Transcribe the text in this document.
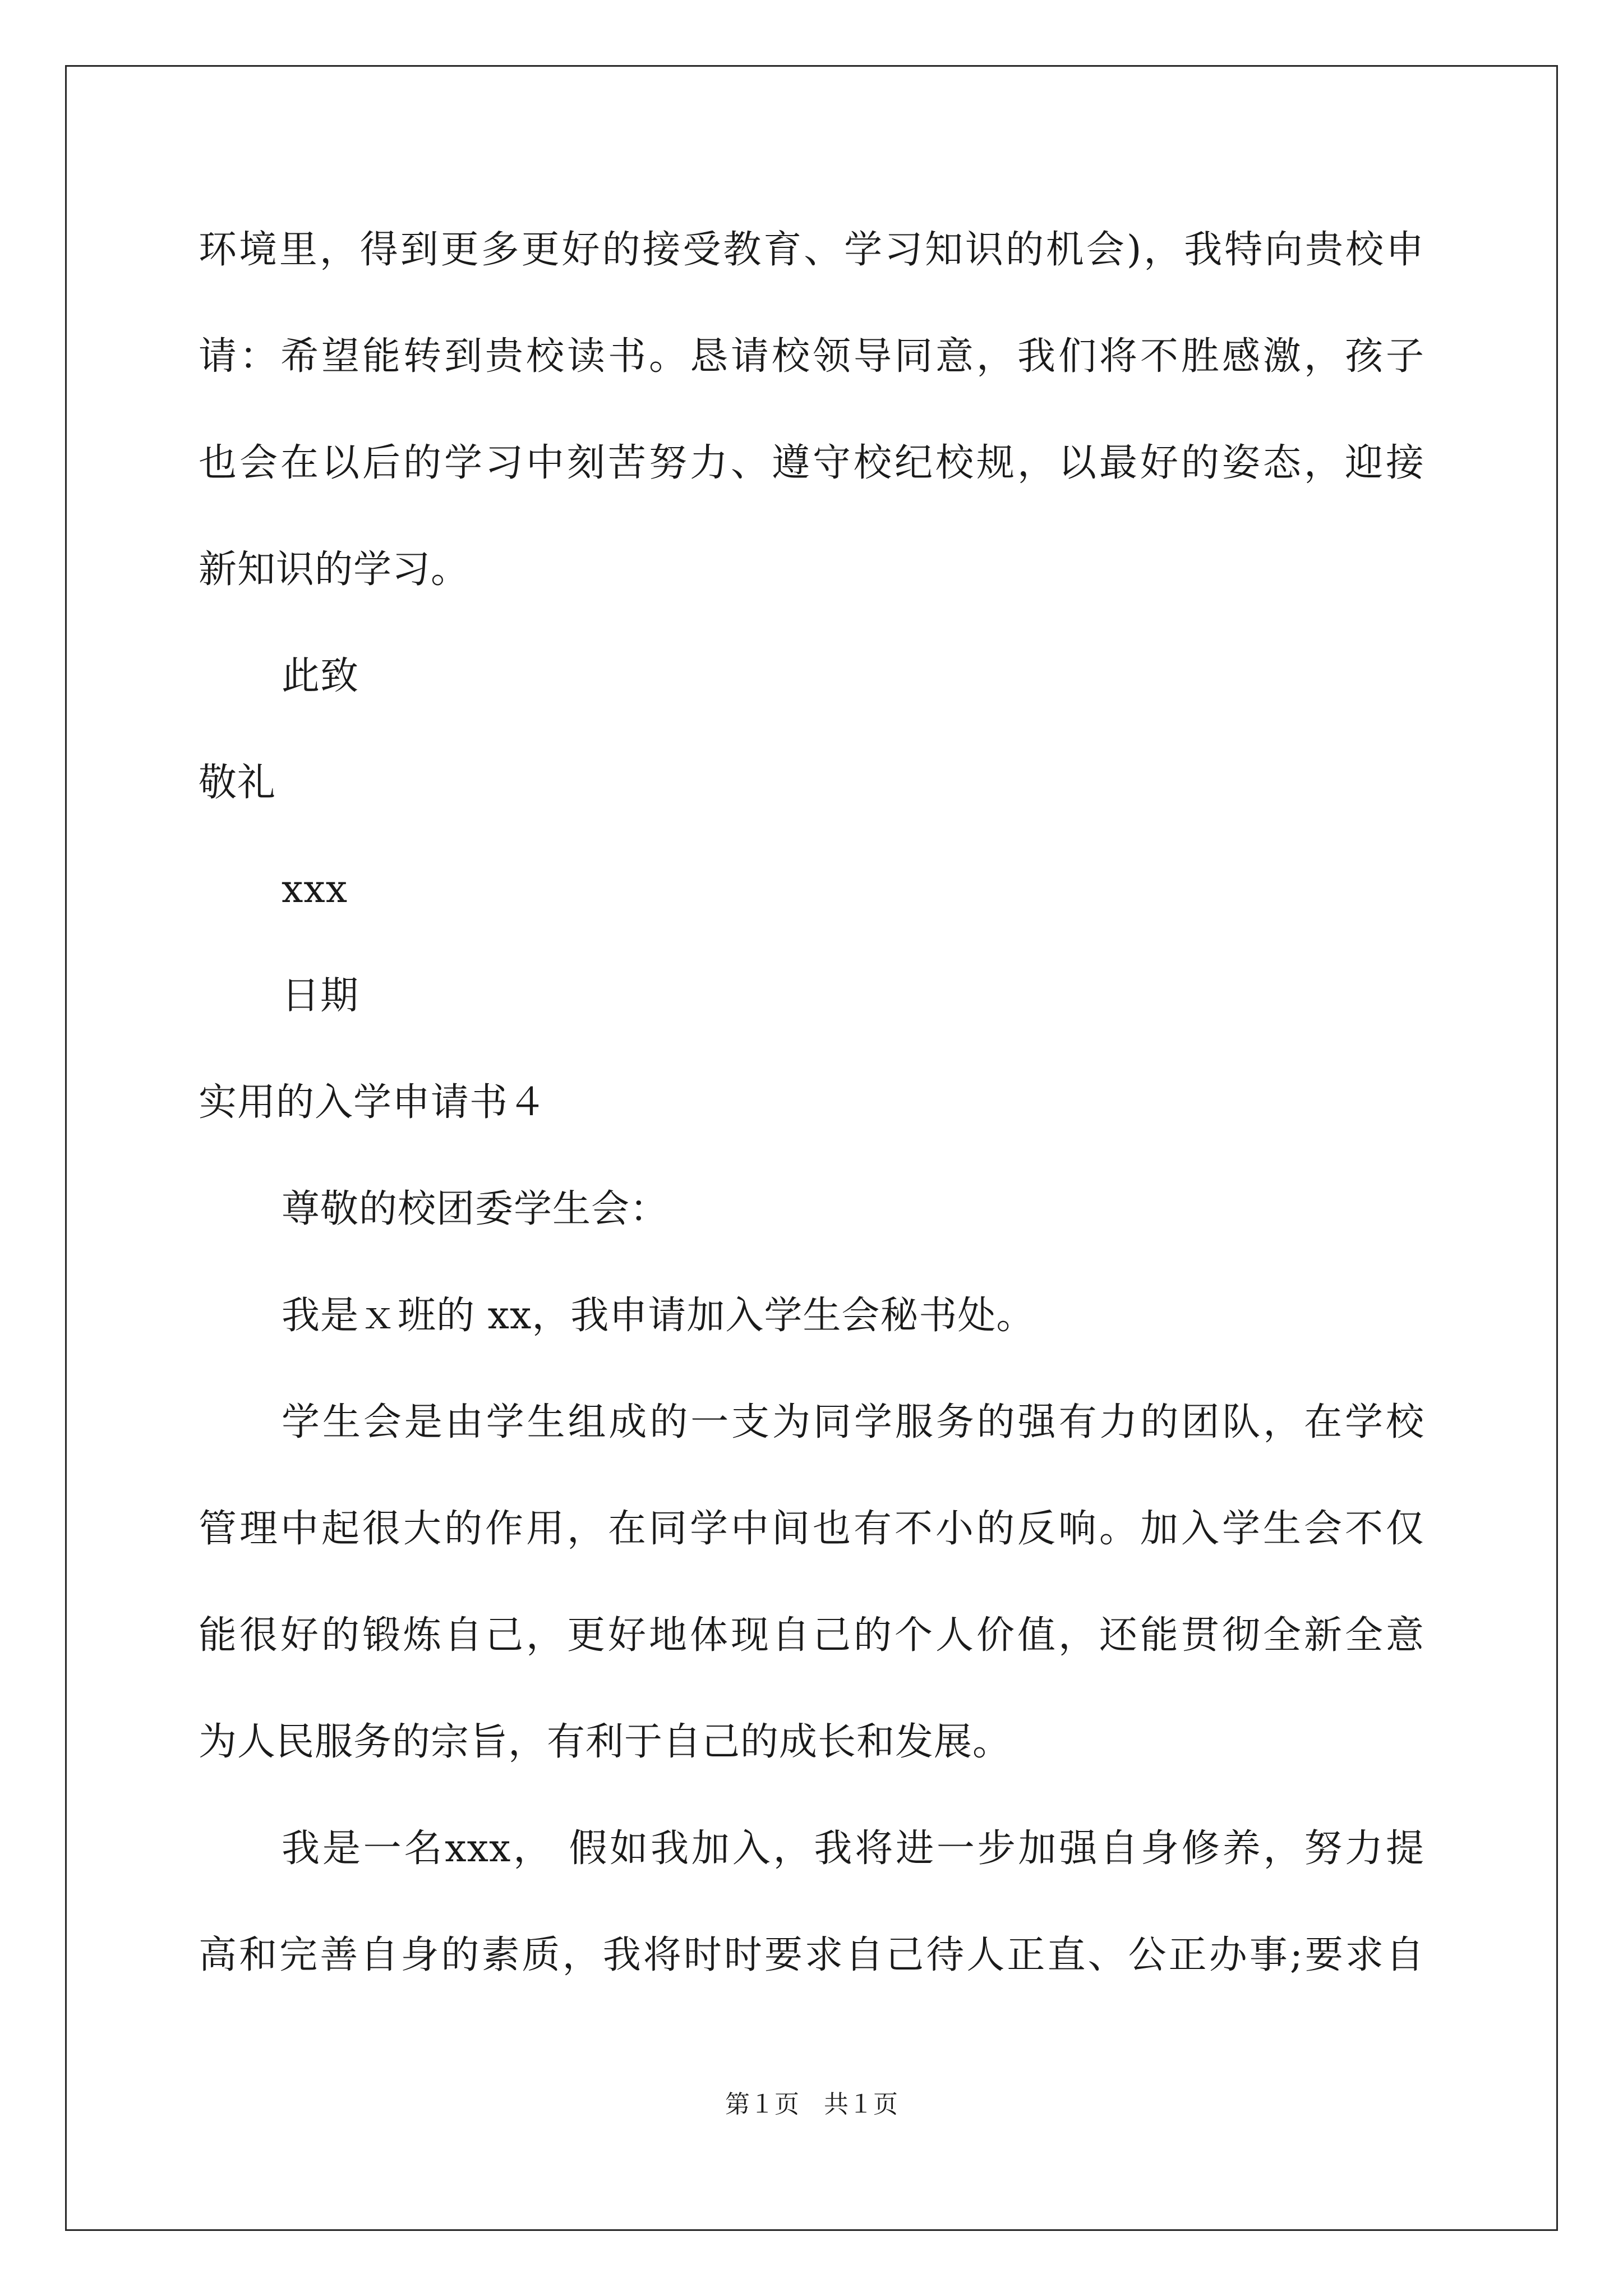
环境里，得到更多更好的接受教育、学习知识的机会)，我特向贵校申
请：希望能转到贵校读书。恳请校领导同意，我们将不胜感激，孩子
也会在以后的学习中刻苦努力、遵守校纪校规，以最好的姿态，迎接
新知识的学习。
此致
敬礼
xxx
日期
实用的入学申请书４
尊敬的校团委学生会：
我是ｘ班的 xx，我申请加入学生会秘书处。
学生会是由学生组成的一支为同学服务的强有力的团队，在学校
管理中起很大的作用，在同学中间也有不小的反响。加入学生会不仅
能很好的锻炼自己，更好地体现自己的个人价值，还能贯彻全新全意
为人民服务的宗旨，有利于自己的成长和发展。
我是一名xxx， 假如我加入，我将进一步加强自身修养，努力提
高和完善自身的素质，我将时时要求自己待人正直、公正办事;要求自
第１页　共１页
